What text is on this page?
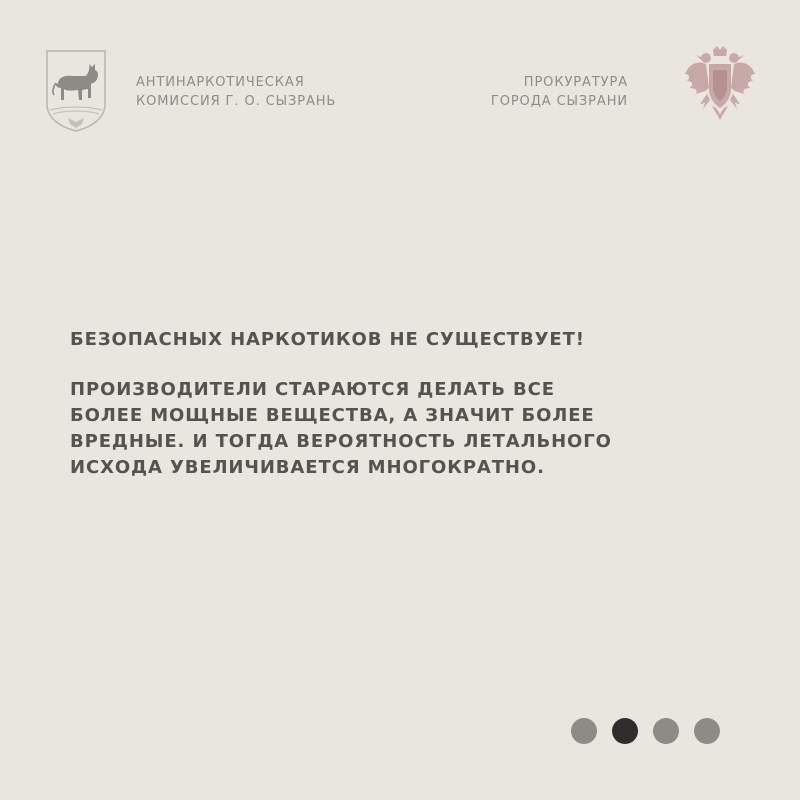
АНТИНАРКОТИЧЕСКАЯ
КОМИССИЯ Г. О. СЫЗРАНЬ
ПРОКУРАТУРА
ГОРОДА СЫЗРАНИ

БЕЗОПАСНЫХ НАРКОТИКОВ НЕ СУЩЕСТВУЕТ!

ПРОИЗВОДИТЕЛИ СТАРАЮТСЯ ДЕЛАТЬ ВСЕ
БОЛЕЕ МОЩНЫЕ ВЕЩЕСТВА, А ЗНАЧИТ БОЛЕЕ
ВРЕДНЫЕ. И ТОГДА ВЕРОЯТНОСТЬ ЛЕТАЛЬНОГО
ИСХОДА УВЕЛИЧИВАЕТСЯ МНОГОКРАТНО.
